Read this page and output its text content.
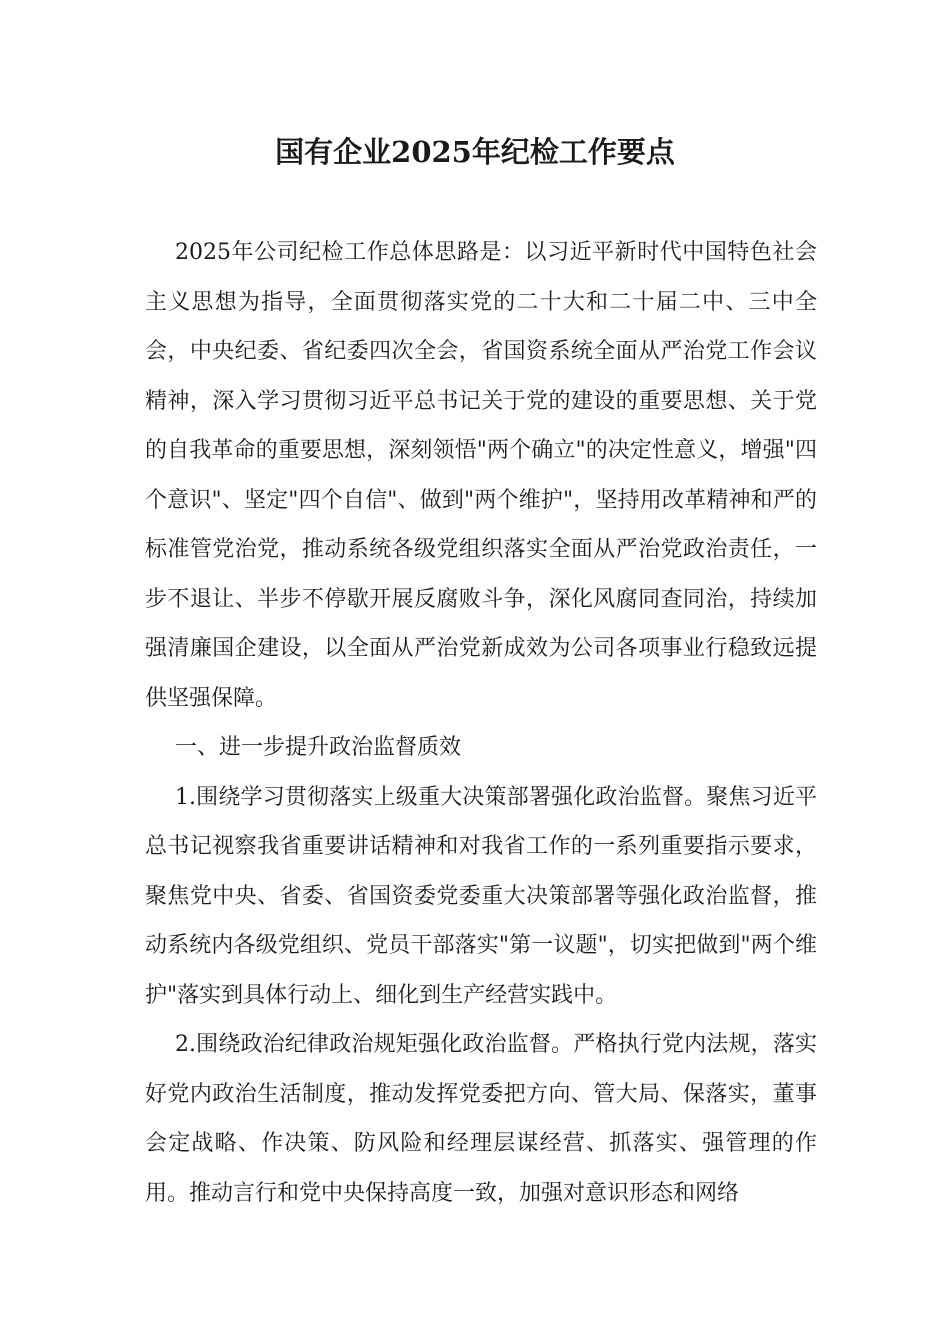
国有企业2025年纪检工作要点

2025年公司纪检工作总体思路是：以习近平新时代中国特色社会主义思想为指导，全面贯彻落实党的二十大和二十届二中、三中全会，中央纪委、省纪委四次全会，省国资系统全面从严治党工作会议精神，深入学习贯彻习近平总书记关于党的建设的重要思想、关于党的自我革命的重要思想，深刻领悟"两个确立"的决定性意义，增强"四个意识"、坚定"四个自信"、做到"两个维护"，坚持用改革精神和严的标准管党治党，推动系统各级党组织落实全面从严治党政治责任，一步不退让、半步不停歇开展反腐败斗争，深化风腐同查同治，持续加强清廉国企建设，以全面从严治党新成效为公司各项事业行稳致远提供坚强保障。

一、进一步提升政治监督质效

1.围绕学习贯彻落实上级重大决策部署强化政治监督。聚焦习近平总书记视察我省重要讲话精神和对我省工作的一系列重要指示要求，聚焦党中央、省委、省国资委党委重大决策部署等强化政治监督，推动系统内各级党组织、党员干部落实"第一议题"，切实把做到"两个维护"落实到具体行动上、细化到生产经营实践中。

2.围绕政治纪律政治规矩强化政治监督。严格执行党内法规，落实好党内政治生活制度，推动发挥党委把方向、管大局、保落实，董事会定战略、作决策、防风险和经理层谋经营、抓落实、强管理的作用。推动言行和党中央保持高度一致，加强对意识形态和网络
